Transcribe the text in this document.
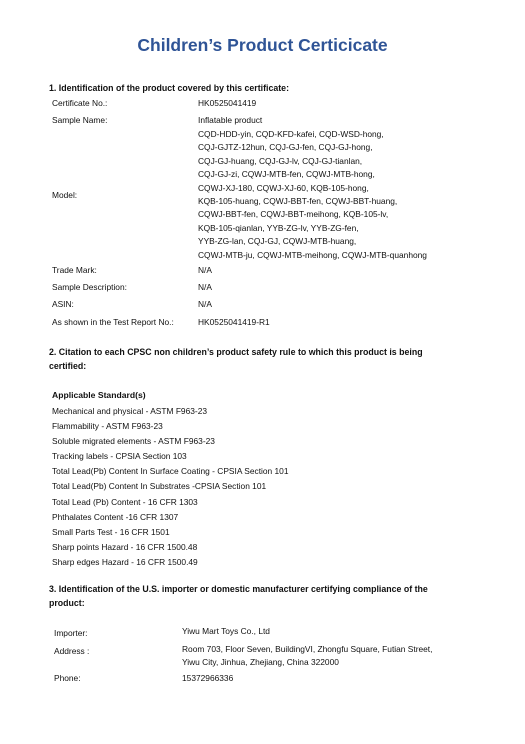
Children’s Product Certicicate
1. Identification of the product covered by this certificate:
Certificate No.:	HK0525041419
Sample Name:	Inflatable product
Model:
CQD-HDD-yin, CQD-KFD-kafei, CQD-WSD-hong,
CQJ-GJTZ-12hun, CQJ-GJ-fen, CQJ-GJ-hong,
CQJ-GJ-huang, CQJ-GJ-lv, CQJ-GJ-tianlan,
CQJ-GJ-zi, CQWJ-MTB-fen, CQWJ-MTB-hong,
CQWJ-XJ-180, CQWJ-XJ-60, KQB-105-hong,
KQB-105-huang, CQWJ-BBT-fen, CQWJ-BBT-huang,
CQWJ-BBT-fen, CQWJ-BBT-meihong, KQB-105-lv,
KQB-105-qianlan, YYB-ZG-lv, YYB-ZG-fen,
YYB-ZG-lan, CQJ-GJ, CQWJ-MTB-huang,
CQWJ-MTB-ju, CQWJ-MTB-meihong, CQWJ-MTB-quanhong
Trade Mark:	N/A
Sample Description:	N/A
ASIN:	N/A
As shown in the Test Report No.:	HK0525041419-R1
2. Citation to each CPSC non children’s product safety rule to which this product is being
certified:
Applicable Standard(s)
Mechanical and physical - ASTM F963-23
Flammability - ASTM F963-23
Soluble migrated elements - ASTM F963-23
Tracking labels - CPSIA Section 103
Total Lead(Pb) Content In Surface Coating - CPSIA Section 101
Total Lead(Pb) Content In Substrates -CPSIA Section 101
Total Lead (Pb) Content - 16 CFR 1303
Phthalates Content -16 CFR 1307
Small Parts Test - 16 CFR 1501
Sharp points Hazard - 16 CFR 1500.48
Sharp edges Hazard - 16 CFR 1500.49
3. Identification of the U.S. importer or domestic manufacturer certifying compliance of the
product:
Importer:	Yiwu Mart Toys Co., Ltd
Address :	Room 703, Floor Seven, BuildingVI, Zhongfu Square, Futian Street,
Yiwu City, Jinhua, Zhejiang, China 322000
Phone:	15372966336
